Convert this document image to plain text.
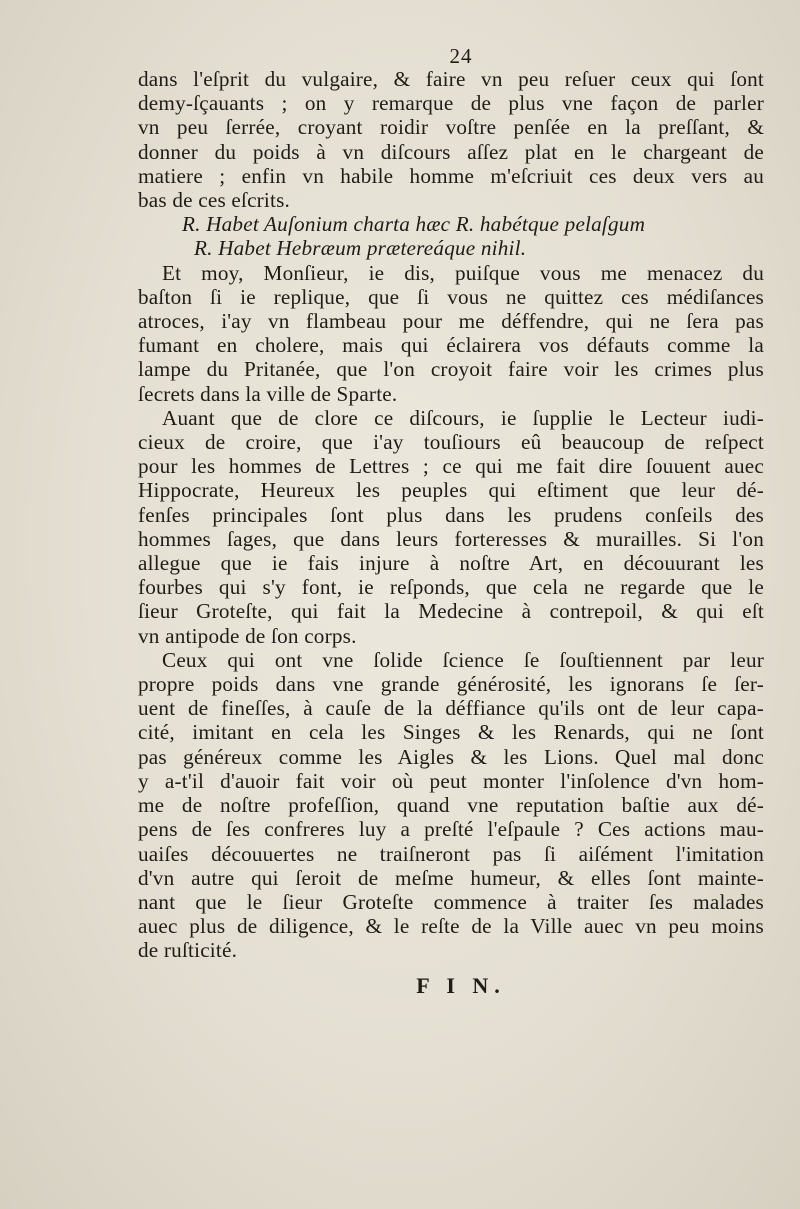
24
dans l'eſprit du vulgaire, & faire vn peu reſuer ceux qui ſont
demy-ſçauants ; on y remarque de plus vne façon de parler
vn peu ſerrée, croyant roidir voſtre penſée en la preſſant, &
donner du poids à vn diſcours aſſez plat en le chargeant de
matiere ; enfin vn habile homme m'eſcriuit ces deux vers au
bas de ces eſcrits.
R. Habet Auſonium charta hæc R. habétque pelaſgum
R. Habet Hebræum prætereáque nihil.
Et moy, Monſieur, ie dis, puiſque vous me menacez du
baſton ſi ie replique, que ſi vous ne quittez ces médiſances
atroces, i'ay vn flambeau pour me déffendre, qui ne ſera pas
fumant en cholere, mais qui éclairera vos défauts comme la
lampe du Pritanée, que l'on croyoit faire voir les crimes plus
ſecrets dans la ville de Sparte.
Auant que de clore ce diſcours, ie ſupplie le Lecteur iudi-
cieux de croire, que i'ay touſiours eû beaucoup de reſpect
pour les hommes de Lettres ; ce qui me fait dire ſouuent auec
Hippocrate, Heureux les peuples qui eſtiment que leur dé-
fenſes principales ſont plus dans les prudens conſeils des
hommes ſages, que dans leurs forteresses & murailles. Si l'on
allegue que ie fais injure à noſtre Art, en découurant les
fourbes qui s'y font, ie reſponds, que cela ne regarde que le
ſieur Groteſte, qui fait la Medecine à contrepoil, & qui eſt
vn antipode de ſon corps.
Ceux qui ont vne ſolide ſcience ſe ſouſtiennent par leur
propre poids dans vne grande générosité, les ignorans ſe ſer-
uent de fineſſes, à cauſe de la déffiance qu'ils ont de leur capa-
cité, imitant en cela les Singes & les Renards, qui ne ſont
pas généreux comme les Aigles & les Lions. Quel mal donc
y a-t'il d'auoir fait voir où peut monter l'inſolence d'vn hom-
me de noſtre profeſſion, quand vne reputation baſtie aux dé-
pens de ſes confreres luy a preſté l'eſpaule ? Ces actions mau-
uaiſes découuertes ne traiſneront pas ſi aiſément l'imitation
d'vn autre qui ſeroit de meſme humeur, & elles ſont mainte-
nant que le ſieur Groteſte commence à traiter ſes malades
auec plus de diligence, & le reſte de la Ville auec vn peu moins
de ruſticité.
F I N.
